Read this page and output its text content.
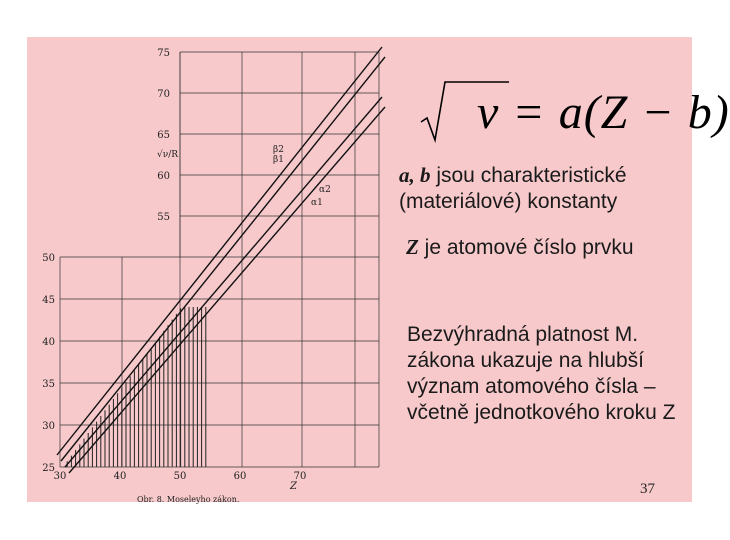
75
70
65
60
55
50
45
40
35
30
25
30	40	50	60	70
Z
√ν/R
Obr. 8. Moseleyho zákon.
β2
β1
α2
α1
ν = a(Z − b)
a, b jsou charakteristické
(materiálové) konstanty
Z je atomové číslo prvku
Bezvýhradná platnost M.
zákona ukazuje na hlubší
význam atomového čísla –
včetně jednotkového kroku Z
37
